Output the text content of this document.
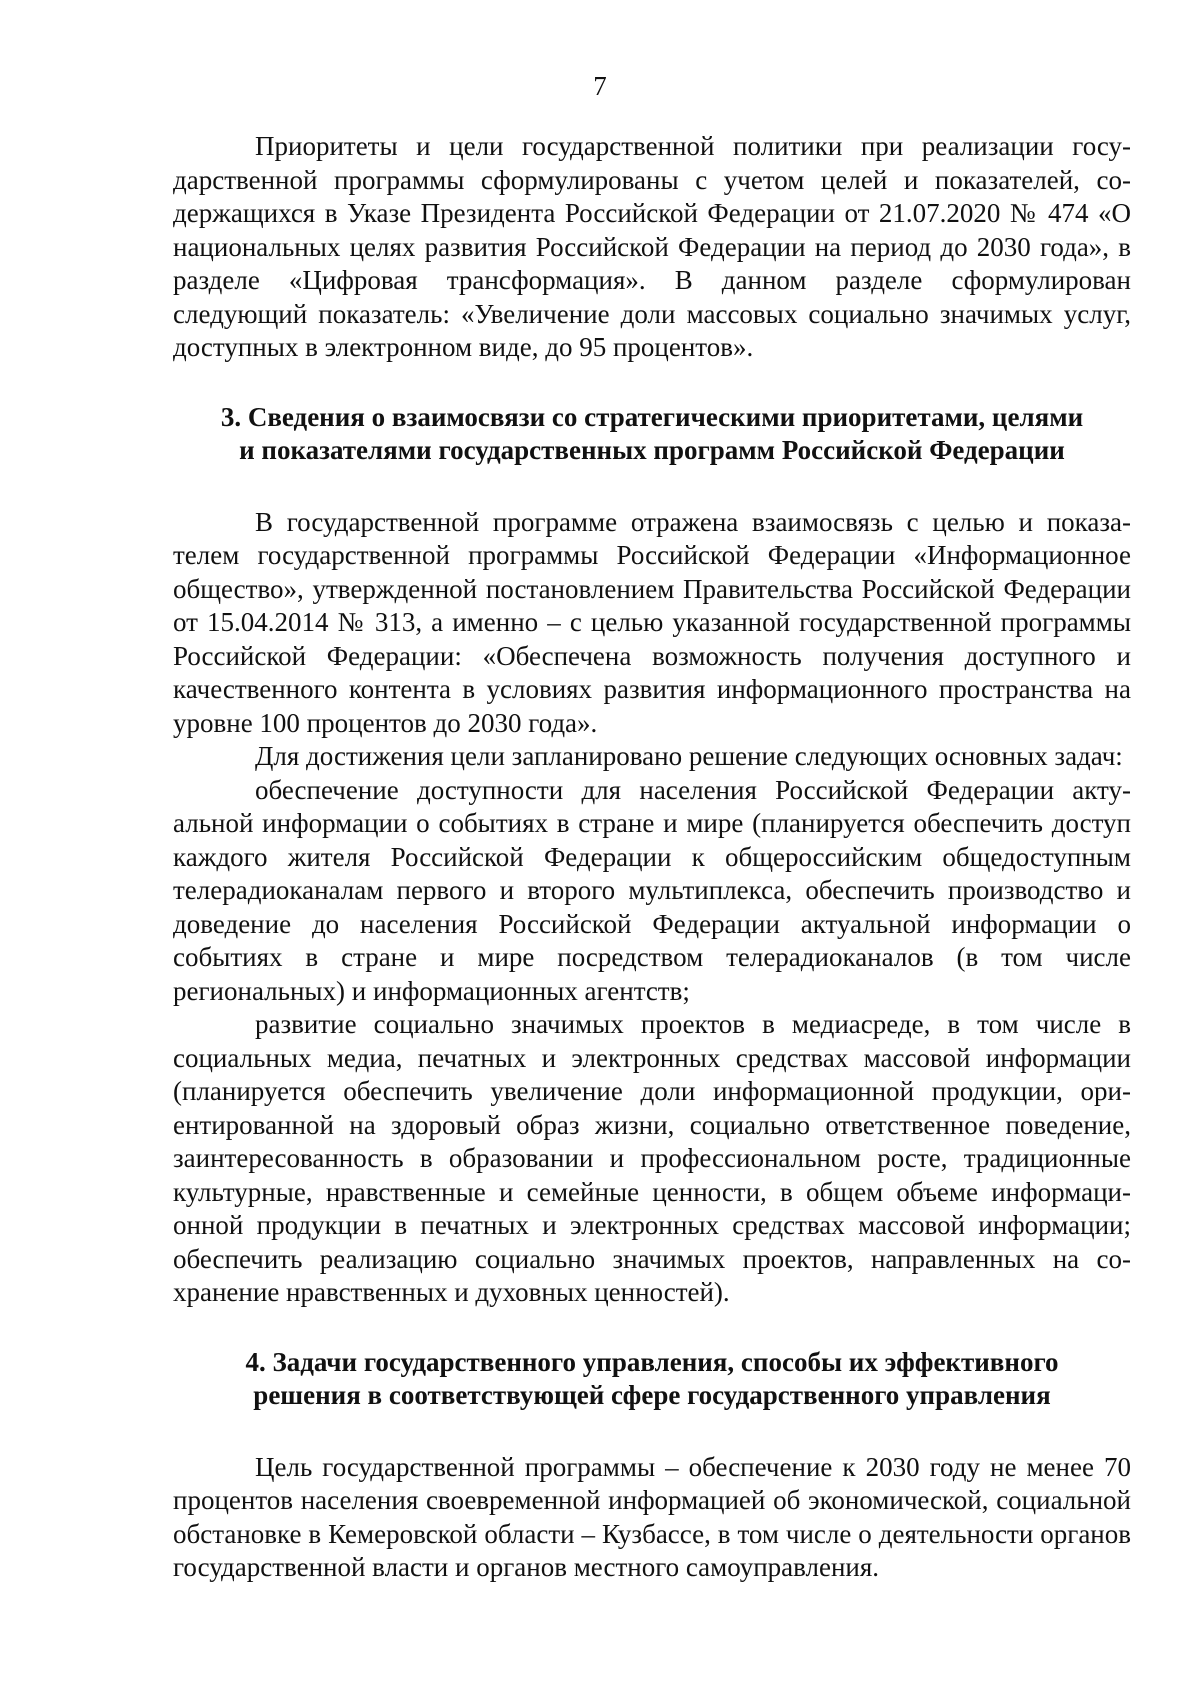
7

Приоритеты и цели государственной политики при реализации государственной программы сформулированы с учетом целей и показателей, содержащихся в Указе Президента Российской Федерации от 21.07.2020 № 474 «О национальных целях развития Российской Федерации на период до 2030 года», в разделе «Цифровая трансформация». В данном разделе сформулирован следующий показатель: «Увеличение доли массовых социально значимых услуг, доступных в электронном виде, до 95 процентов».

3. Сведения о взаимосвязи со стратегическими приоритетами, целями
и показателями государственных программ Российской Федерации

В государственной программе отражена взаимосвязь с целью и показателем государственной программы Российской Федерации «Информационное общество», утвержденной постановлением Правительства Российской Федерации от 15.04.2014 № 313, а именно – с целью указанной государственной программы Российской Федерации: «Обеспечена возможность получения доступного и качественного контента в условиях развития информационного пространства на уровне 100 процентов до 2030 года».

Для достижения цели запланировано решение следующих основных задач:

обеспечение доступности для населения Российской Федерации актуальной информации о событиях в стране и мире (планируется обеспечить доступ каждого жителя Российской Федерации к общероссийским общедоступным телерадиоканалам первого и второго мультиплекса, обеспечить производство и доведение до населения Российской Федерации актуальной информации о событиях в стране и мире посредством телерадиоканалов (в том числе региональных) и информационных агентств;

развитие социально значимых проектов в медиасреде, в том числе в социальных медиа, печатных и электронных средствах массовой информации (планируется обеспечить увеличение доли информационной продукции, ориентированной на здоровый образ жизни, социально ответственное поведение, заинтересованность в образовании и профессиональном росте, традиционные культурные, нравственные и семейные ценности, в общем объеме информационной продукции в печатных и электронных средствах массовой информации; обеспечить реализацию социально значимых проектов, направленных на сохранение нравственных и духовных ценностей).

4. Задачи государственного управления, способы их эффективного
решения в соответствующей сфере государственного управления

Цель государственной программы – обеспечение к 2030 году не менее 70 процентов населения своевременной информацией об экономической, социальной обстановке в Кемеровской области – Кузбассе, в том числе о деятельности органов государственной власти и органов местного самоуправления.
